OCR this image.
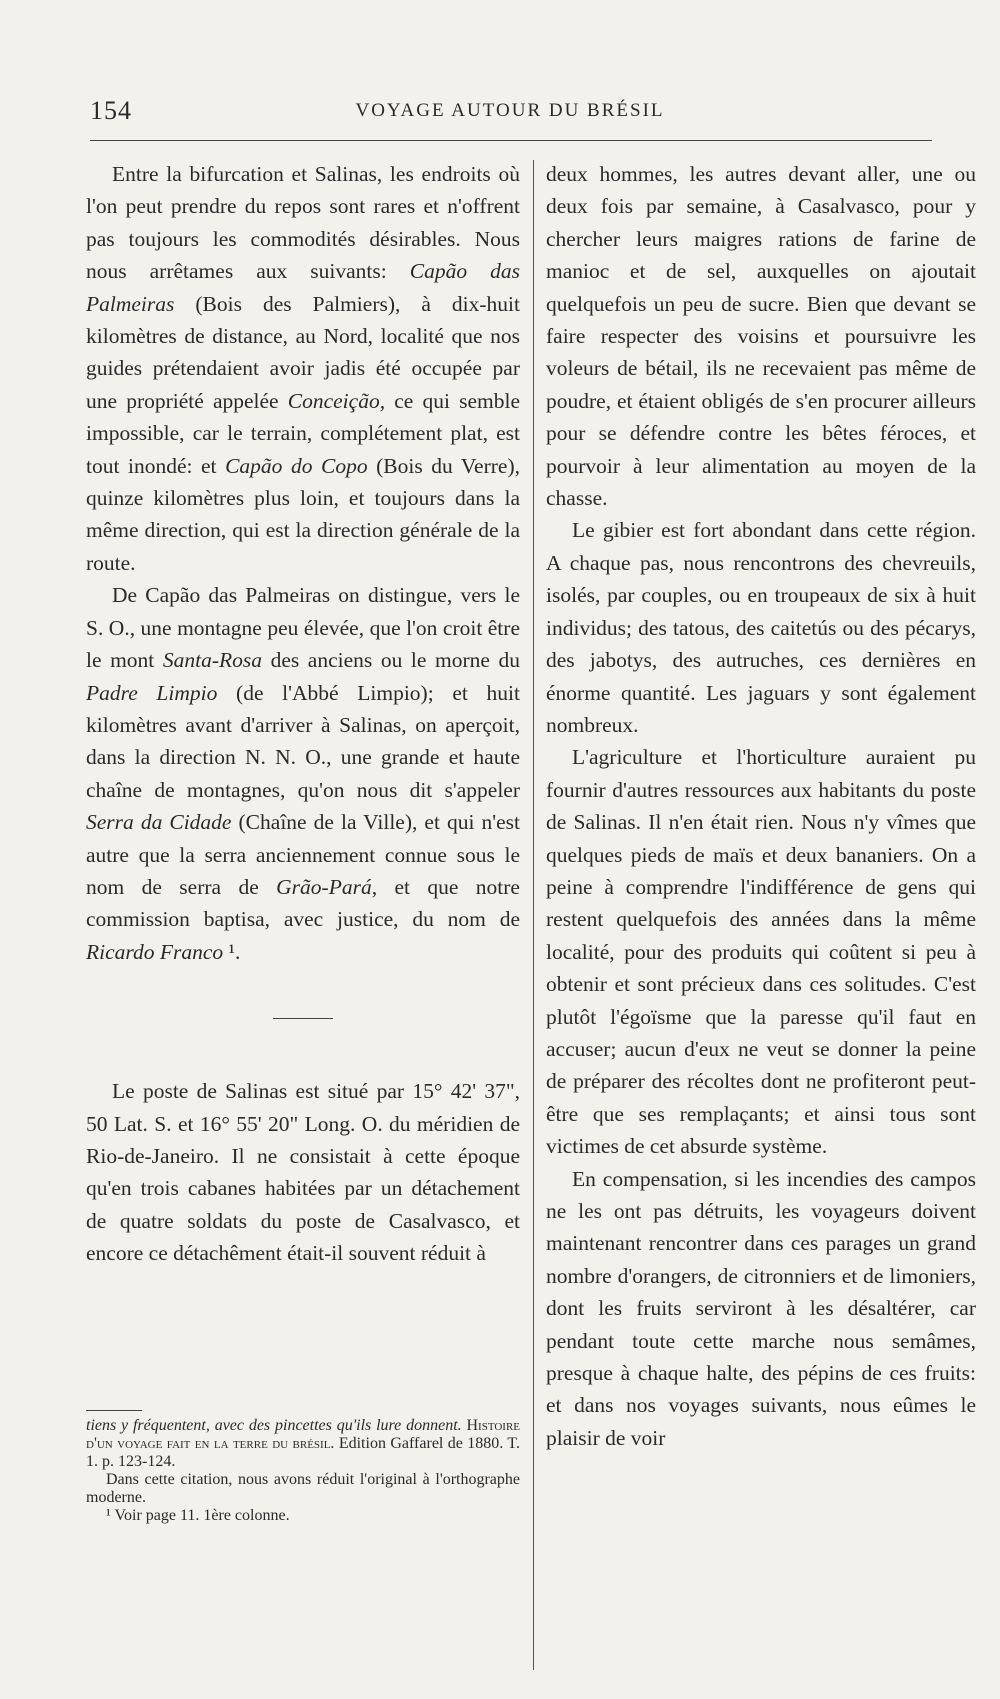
154	VOYAGE AUTOUR DU BRÉSIL

Entre la bifurcation et Salinas, les endroits où l'on peut prendre du repos sont rares et n'offrent pas toujours les commodités désirables. Nous nous arrêtames aux suivants: Capão das Palmeiras (Bois des Palmiers), à dix-huit kilomètres de distance, au Nord, localité que nos guides prétendaient avoir jadis été occupée par une propriété appelée Conceição, ce qui semble impossible, car le terrain, complétement plat, est tout inondé: et Capão do Copo (Bois du Verre), quinze kilomètres plus loin, et toujours dans la même direction, qui est la direction générale de la route.

De Capão das Palmeiras on distingue, vers le S. O., une montagne peu élevée, que l'on croit être le mont Santa-Rosa des anciens ou le morne du Padre Limpio (de l'Abbé Limpio); et huit kilomètres avant d'arriver à Salinas, on aperçoit, dans la direction N. N. O., une grande et haute chaîne de montagnes, qu'on nous dit s'appeler Serra da Cidade (Chaîne de la Ville), et qui n'est autre que la serra anciennement connue sous le nom de serra de Grão-Pará, et que notre commission baptisa, avec justice, du nom de Ricardo Franco ¹.

Le poste de Salinas est situé par 15° 42' 37", 50 Lat. S. et 16° 55' 20" Long. O. du méridien de Rio-de-Janeiro. Il ne consistait à cette époque qu'en trois cabanes habitées par un détachement de quatre soldats du poste de Casalvasco, et encore ce détachêment était-il souvent réduit à

tiens y fréquentent, avec des pincettes qu'ils lure donnent. Histoire d'un voyage fait en la terre du brésil. Edition Gaffarel de 1880. T. 1. p. 123-124.

Dans cette citation, nous avons réduit l'original à l'orthographe moderne.

¹ Voir page 11. 1ère colonne.

deux hommes, les autres devant aller, une ou deux fois par semaine, à Casalvasco, pour y chercher leurs maigres rations de farine de manioc et de sel, auxquelles on ajoutait quelquefois un peu de sucre. Bien que devant se faire respecter des voisins et poursuivre les voleurs de bétail, ils ne recevaient pas même de poudre, et étaient obligés de s'en procurer ailleurs pour se défendre contre les bêtes féroces, et pourvoir à leur alimentation au moyen de la chasse.

Le gibier est fort abondant dans cette région. A chaque pas, nous rencontrons des chevreuils, isolés, par couples, ou en troupeaux de six à huit individus; des tatous, des caitetús ou des pécarys, des jabotys, des autruches, ces dernières en énorme quantité. Les jaguars y sont également nombreux.

L'agriculture et l'horticulture auraient pu fournir d'autres ressources aux habitants du poste de Salinas. Il n'en était rien. Nous n'y vîmes que quelques pieds de maïs et deux bananiers. On a peine à comprendre l'indifférence de gens qui restent quelquefois des années dans la même localité, pour des produits qui coûtent si peu à obtenir et sont précieux dans ces solitudes. C'est plutôt l'égoïsme que la paresse qu'il faut en accuser; aucun d'eux ne veut se donner la peine de préparer des récoltes dont ne profiteront peut-être que ses remplaçants; et ainsi tous sont victimes de cet absurde système.

En compensation, si les incendies des campos ne les ont pas détruits, les voyageurs doivent maintenant rencontrer dans ces parages un grand nombre d'orangers, de citronniers et de limoniers, dont les fruits serviront à les désaltérer, car pendant toute cette marche nous semâmes, presque à chaque halte, des pépins de ces fruits: et dans nos voyages suivants, nous eûmes le plaisir de voir
